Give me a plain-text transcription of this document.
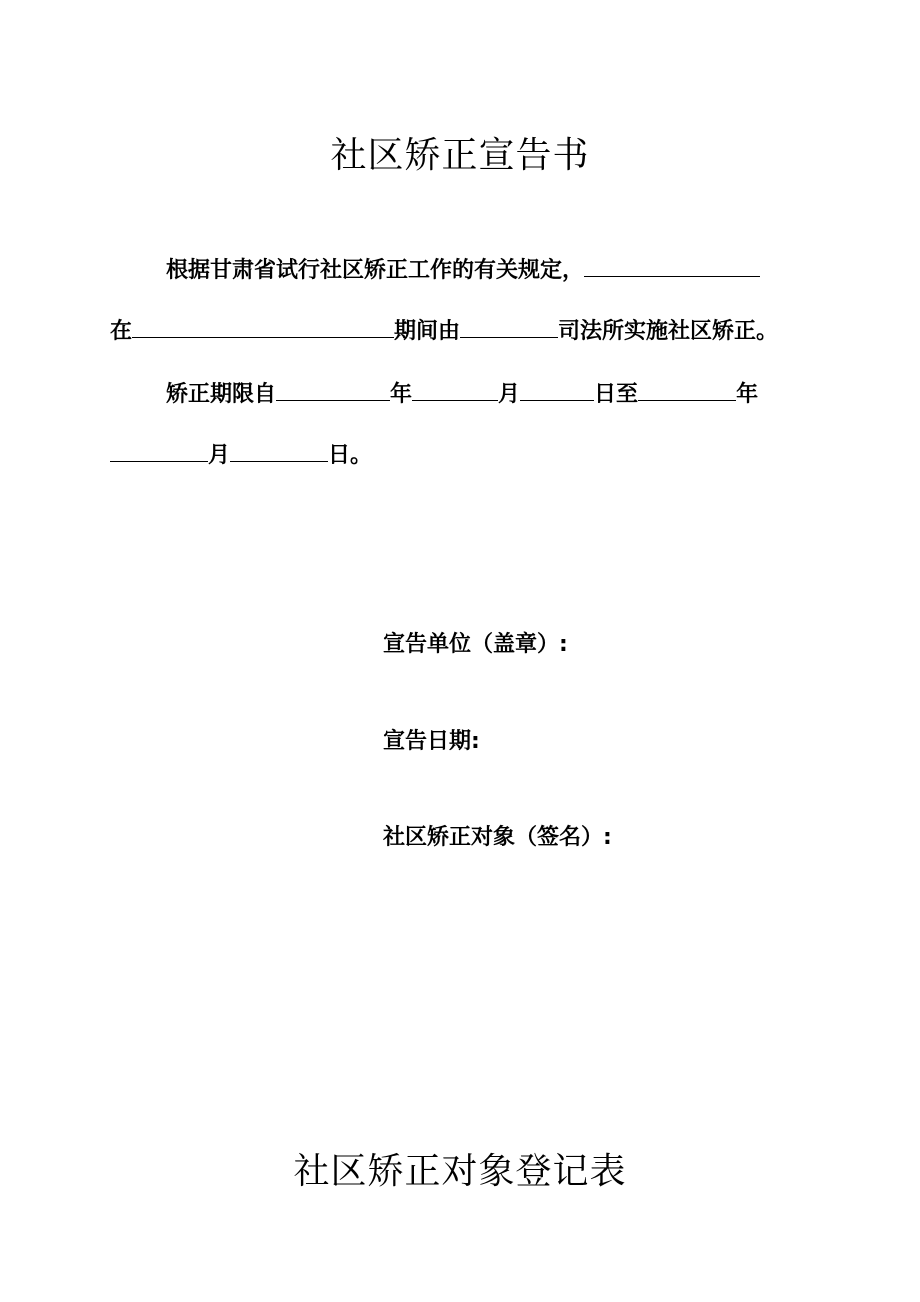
社区矫正宣告书
根据甘肃省试行社区矫正工作的有关规定，
在	期间由	司法所实施社区矫正。
矫正期限自	年	月	日至	年
月	日。
宣告单位（盖章）:
宣告日期:
社区矫正对象（签名）:
社区矫正对象登记表
